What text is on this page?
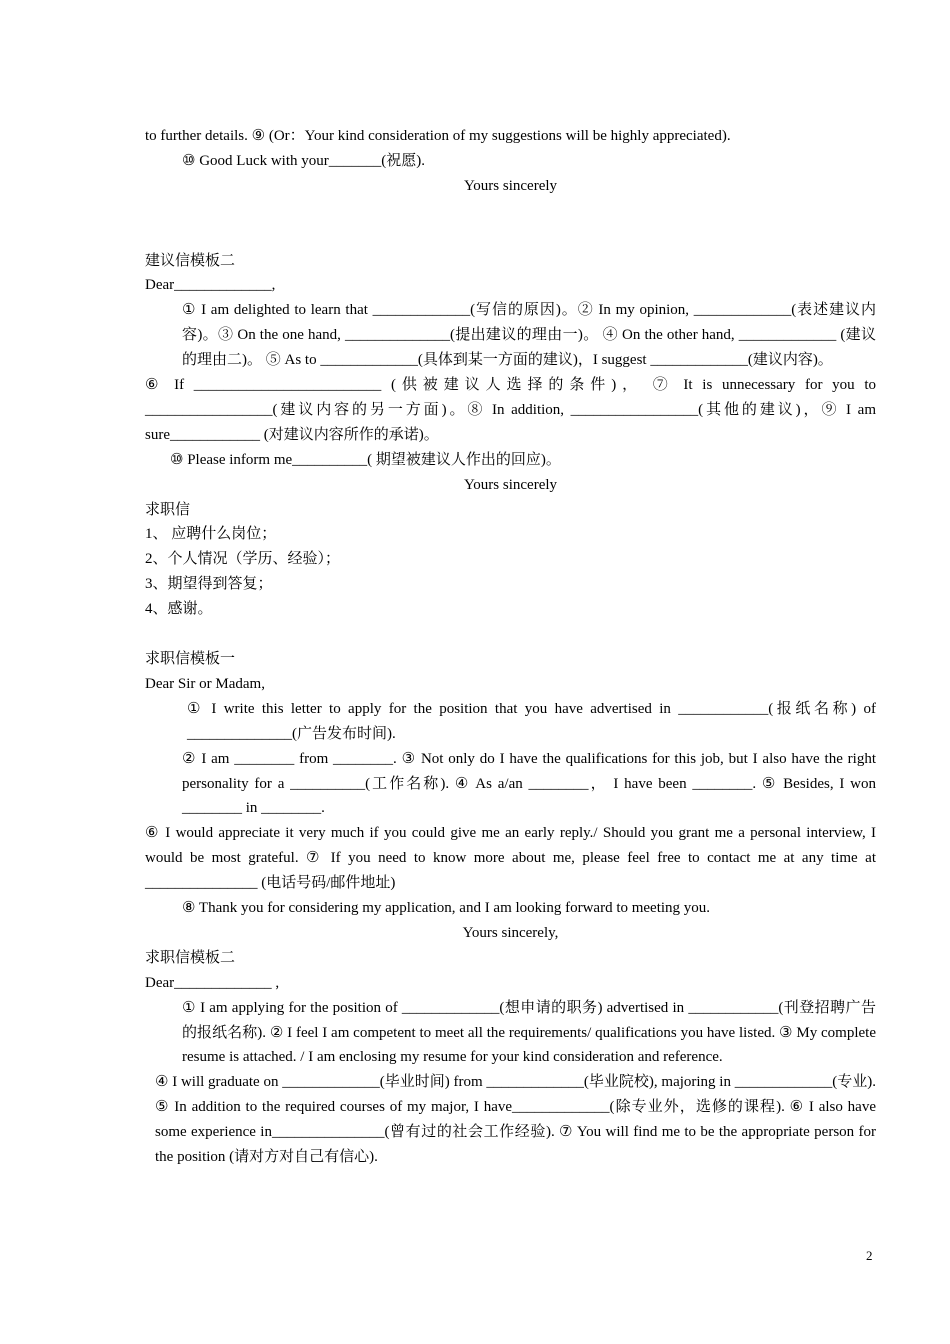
to further details. ⑨ (Or：Your kind consideration of my suggestions will be highly appreciated).
⑩ Good Luck with your_______(祝愿).
Yours sincerely
建议信模板二
Dear_____________,
① I am delighted to learn that _____________(写信的原因)。② In my opinion, _____________(表述建议内容)。③ On the one hand, ______________(提出建议的理由一)。 ④ On the other hand, _____________ (建议的理由二)。 ⑤ As to _____________(具体到某一方面的建议)，I suggest _____________(建议内容)。
⑥ If _________________________ (供被建议人选择的条件)， ⑦ It is unnecessary for you to _________________(建议内容的另一方面)。⑧ In addition, _________________(其他的建议)，⑨ I am sure____________ (对建议内容所作的承诺)。
⑩ Please inform me__________( 期望被建议人作出的回应)。
Yours sincerely
求职信
1、 应聘什么岗位；
2、个人情况（学历、经验）；
3、期望得到答复；
4、感谢。
求职信模板一
Dear Sir or Madam,
① I write this letter to apply for the position that you have advertised in ____________(报纸名称) of ______________(广告发布时间).
② I am ________ from ________. ③ Not only do I have the qualifications for this job, but I also have the right personality for a __________(工作名称). ④ As a/an ________， I have been ________. ⑤ Besides, I won ________ in ________.
⑥ I would appreciate it very much if you could give me an early reply./ Should you grant me a personal interview, I would be most grateful. ⑦ If you need to know more about me, please feel free to contact me at any time at _______________ (电话号码/邮件地址)
⑧ Thank you for considering my application, and I am looking forward to meeting you.
Yours sincerely,
求职信模板二
Dear_____________ ,
① I am applying for the position of _____________(想申请的职务) advertised in ____________(刊登招聘广告的报纸名称). ② I feel I am competent to meet all the requirements/ qualifications you have listed. ③ My complete resume is attached. / I am enclosing my resume for your kind consideration and reference.
④ I will graduate on _____________(毕业时间) from _____________(毕业院校), majoring in _____________(专业). ⑤ In addition to the required courses of my major, I have_____________(除专业外，选修的课程). ⑥ I also have some experience in_______________(曾有过的社会工作经验). ⑦ You will find me to be the appropriate person for the position (请对方对自己有信心).
2
